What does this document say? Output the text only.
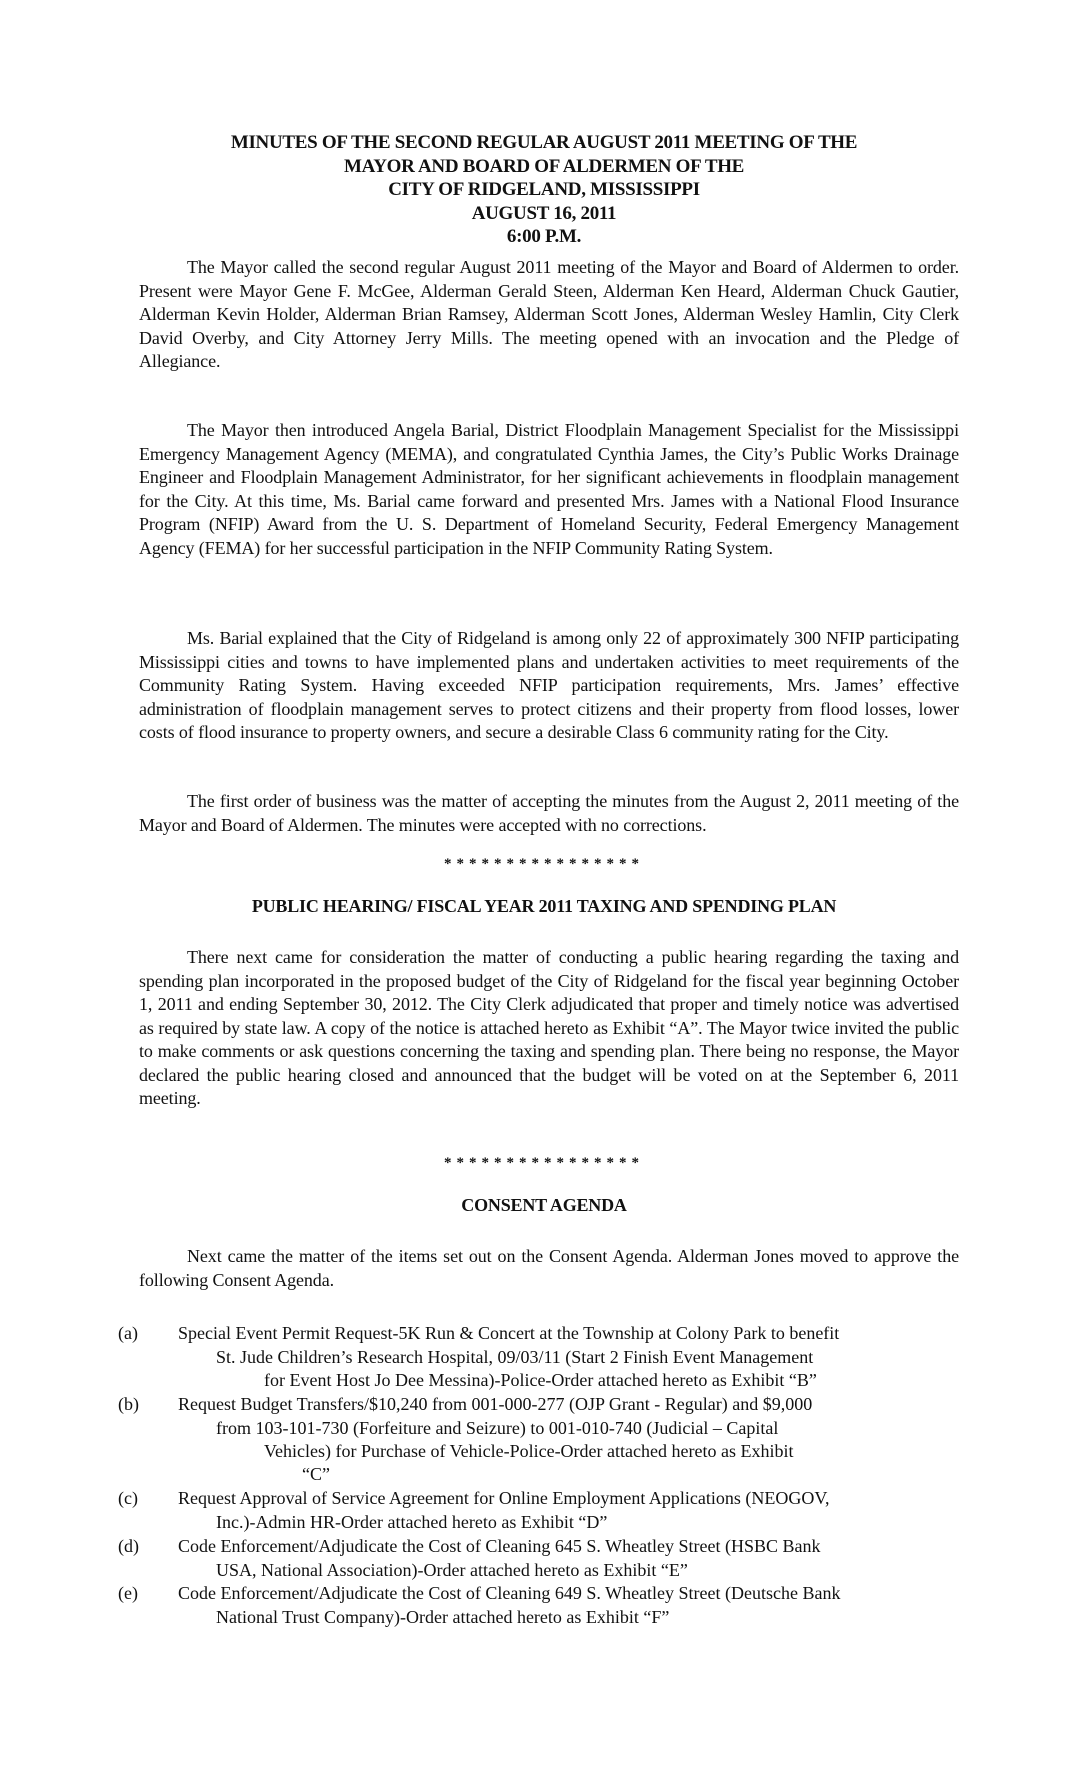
MINUTES OF THE SECOND REGULAR AUGUST 2011 MEETING OF THE
MAYOR AND BOARD OF ALDERMEN OF THE
CITY OF RIDGELAND, MISSISSIPPI
AUGUST 16, 2011
6:00 P.M.

The Mayor called the second regular August 2011 meeting of the Mayor and Board of Aldermen to order. Present were Mayor Gene F. McGee, Alderman Gerald Steen, Alderman Ken Heard, Alderman Chuck Gautier, Alderman Kevin Holder, Alderman Brian Ramsey, Alderman Scott Jones, Alderman Wesley Hamlin, City Clerk David Overby, and City Attorney Jerry Mills. The meeting opened with an invocation and the Pledge of Allegiance.

The Mayor then introduced Angela Barial, District Floodplain Management Specialist for the Mississippi Emergency Management Agency (MEMA), and congratulated Cynthia James, the City’s Public Works Drainage Engineer and Floodplain Management Administrator, for her significant achievements in floodplain management for the City. At this time, Ms. Barial came forward and presented Mrs. James with a National Flood Insurance Program (NFIP) Award from the U. S. Department of Homeland Security, Federal Emergency Management Agency (FEMA) for her successful participation in the NFIP Community Rating System.

Ms. Barial explained that the City of Ridgeland is among only 22 of approximately 300 NFIP participating Mississippi cities and towns to have implemented plans and undertaken activities to meet requirements of the Community Rating System. Having exceeded NFIP participation requirements, Mrs. James’ effective administration of floodplain management serves to protect citizens and their property from flood losses, lower costs of flood insurance to property owners, and secure a desirable Class 6 community rating for the City.

The first order of business was the matter of accepting the minutes from the August 2, 2011 meeting of the Mayor and Board of Aldermen. The minutes were accepted with no corrections.

****************
PUBLIC HEARING/ FISCAL YEAR 2011 TAXING AND SPENDING PLAN

There next came for consideration the matter of conducting a public hearing regarding the taxing and spending plan incorporated in the proposed budget of the City of Ridgeland for the fiscal year beginning October 1, 2011 and ending September 30, 2012. The City Clerk adjudicated that proper and timely notice was advertised as required by state law. A copy of the notice is attached hereto as Exhibit “A”. The Mayor twice invited the public to make comments or ask questions concerning the taxing and spending plan. There being no response, the Mayor declared the public hearing closed and announced that the budget will be voted on at the September 6, 2011 meeting.

****************
CONSENT AGENDA

Next came the matter of the items set out on the Consent Agenda. Alderman Jones moved to approve the following Consent Agenda.

(a) Special Event Permit Request-5K Run & Concert at the Township at Colony Park to benefit
St. Jude Children’s Research Hospital, 09/03/11 (Start 2 Finish Event Management
for Event Host Jo Dee Messina)-Police-Order attached hereto as Exhibit “B”
(b) Request Budget Transfers/$10,240 from 001-000-277 (OJP Grant - Regular) and $9,000
from 103-101-730 (Forfeiture and Seizure) to 001-010-740 (Judicial – Capital
Vehicles) for Purchase of Vehicle-Police-Order attached hereto as Exhibit
“C”
(c) Request Approval of Service Agreement for Online Employment Applications (NEOGOV,
Inc.)-Admin HR-Order attached hereto as Exhibit “D”
(d) Code Enforcement/Adjudicate the Cost of Cleaning 645 S. Wheatley Street (HSBC Bank
USA, National Association)-Order attached hereto as Exhibit “E”
(e) Code Enforcement/Adjudicate the Cost of Cleaning 649 S. Wheatley Street (Deutsche Bank
National Trust Company)-Order attached hereto as Exhibit “F”
